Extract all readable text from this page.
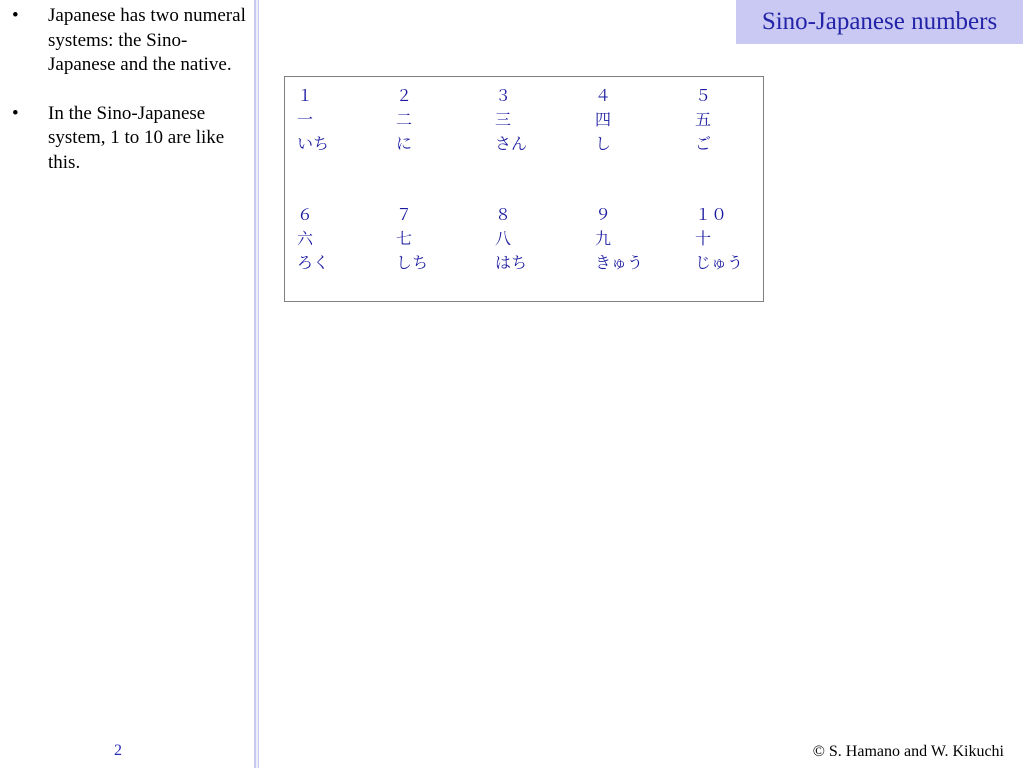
• Japanese has two numeral systems: the Sino-Japanese and the native.
• In the Sino-Japanese system, 1 to 10 are like this.
2
Sino-Japanese numbers
１	２	３	４	５
一	二	三	四	五
いち	に	さん	し	ご
６	７	８	９	１０
六	七	八	九	十
ろく	しち	はち	きゅう	じゅう
© S. Hamano and W. Kikuchi
